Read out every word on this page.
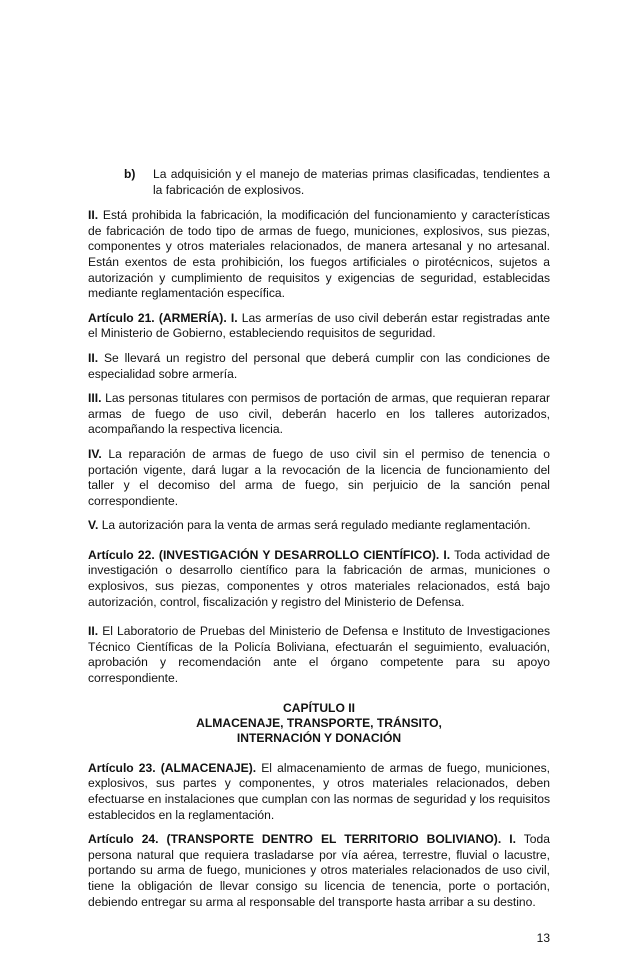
b)	La adquisición y el manejo de materias primas clasificadas, tendientes a la fabricación de explosivos.

II. Está prohibida la fabricación, la modificación del funcionamiento y características de fabricación de todo tipo de armas de fuego, municiones, explosivos, sus piezas, componentes y otros materiales relacionados, de manera artesanal y no artesanal. Están exentos de esta prohibición, los fuegos artificiales o pirotécnicos, sujetos a autorización y cumplimiento de requisitos y exigencias de seguridad, establecidas mediante reglamentación específica.

Artículo 21. (ARMERÍA). I. Las armerías de uso civil deberán estar registradas ante el Ministerio de Gobierno, estableciendo requisitos de seguridad.

II. Se llevará un registro del personal que deberá cumplir con las condiciones de especialidad sobre armería.

III. Las personas titulares con permisos de portación de armas, que requieran reparar armas de fuego de uso civil, deberán hacerlo en los talleres autorizados, acompañando la respectiva licencia.

IV. La reparación de armas de fuego de uso civil sin el permiso de tenencia o portación vigente, dará lugar a la revocación de la licencia de funcionamiento del taller y el decomiso del arma de fuego, sin perjuicio de la sanción penal correspondiente.

V. La autorización para la venta de armas será regulado mediante reglamentación.

Artículo 22. (INVESTIGACIÓN Y DESARROLLO CIENTÍFICO). I. Toda actividad de investigación o desarrollo científico para la fabricación de armas, municiones o explosivos, sus piezas, componentes y otros materiales relacionados, está bajo autorización, control, fiscalización y registro del Ministerio de Defensa.

II. El Laboratorio de Pruebas del Ministerio de Defensa e Instituto de Investigaciones Técnico Científicas de la Policía Boliviana, efectuarán el seguimiento, evaluación, aprobación y recomendación ante el órgano competente para su apoyo correspondiente.

CAPÍTULO II
ALMACENAJE, TRANSPORTE, TRÁNSITO,
INTERNACIÓN Y DONACIÓN

Artículo 23. (ALMACENAJE). El almacenamiento de armas de fuego, municiones, explosivos, sus partes y componentes, y otros materiales relacionados, deben efectuarse en instalaciones que cumplan con las normas de seguridad y los requisitos establecidos en la reglamentación.

Artículo 24. (TRANSPORTE DENTRO EL TERRITORIO BOLIVIANO). I. Toda persona natural que requiera trasladarse por vía aérea, terrestre, fluvial o lacustre, portando su arma de fuego, municiones y otros materiales relacionados de uso civil, tiene la obligación de llevar consigo su licencia de tenencia, porte o portación, debiendo entregar su arma al responsable del transporte hasta arribar a su destino.

13
